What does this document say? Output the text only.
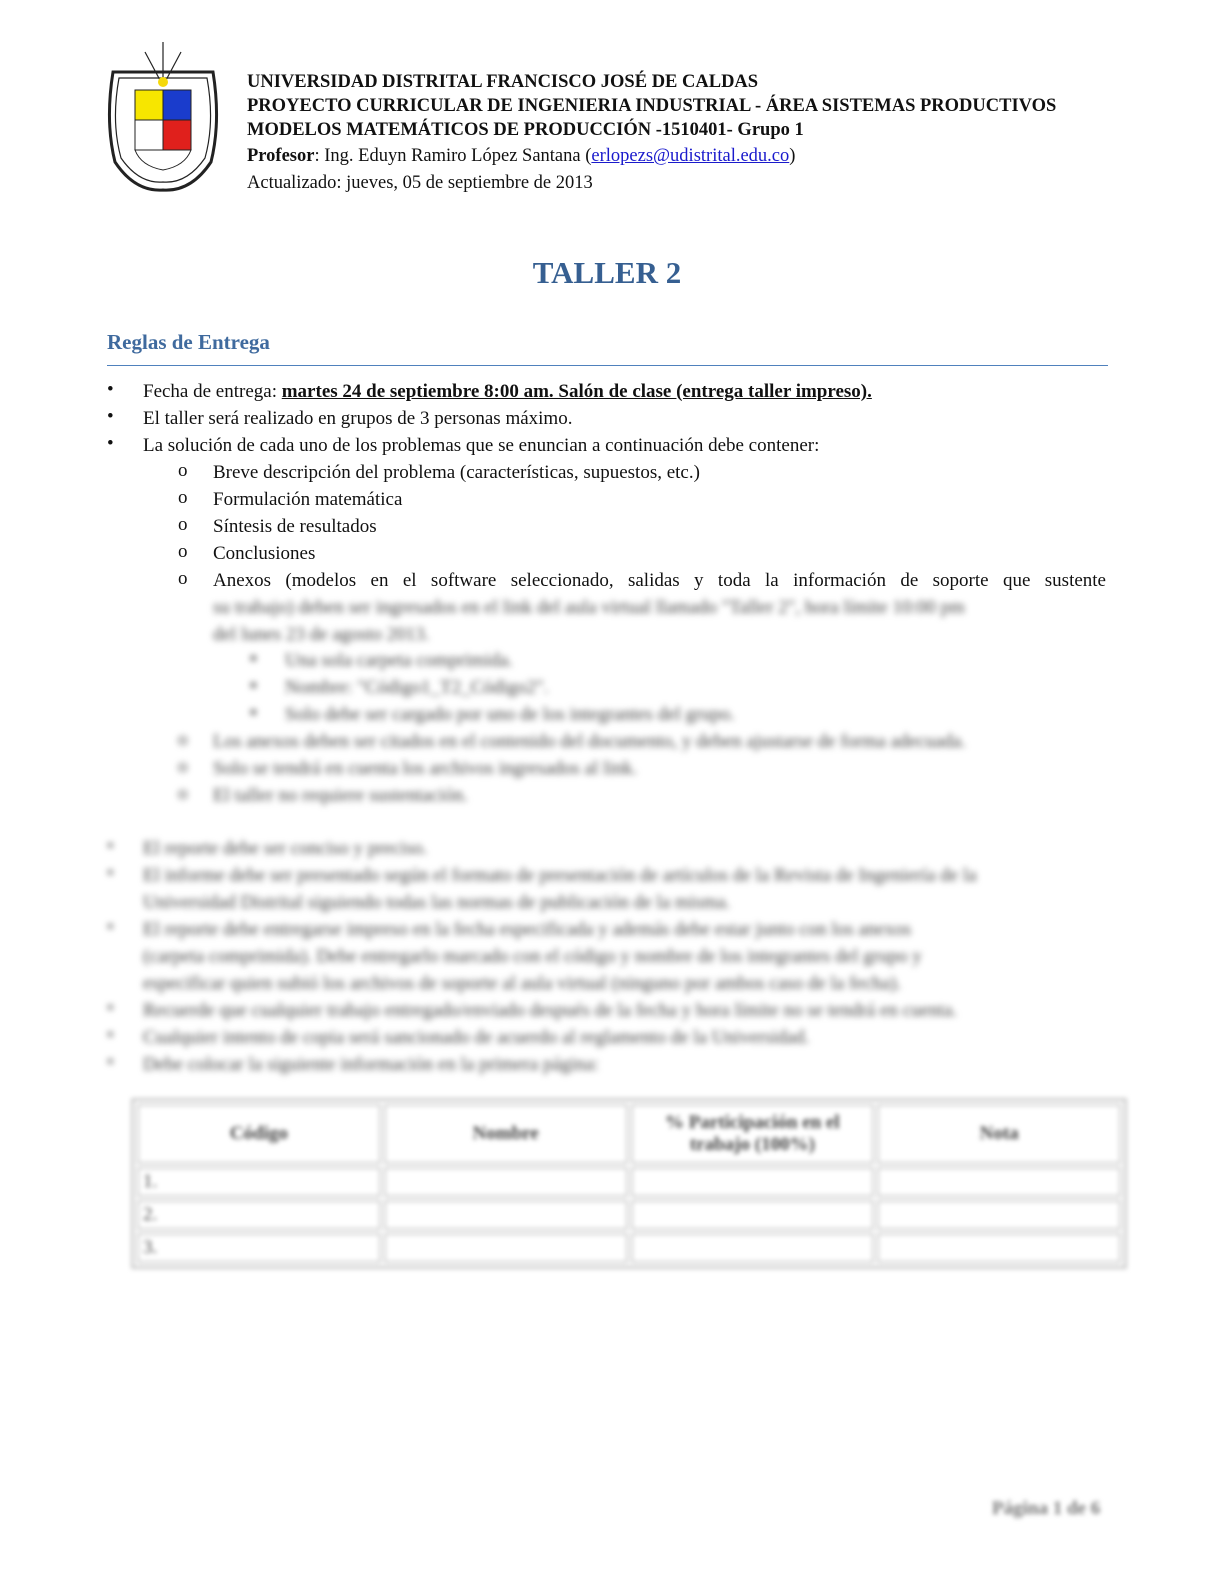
UNIVERSIDAD DISTRITAL FRANCISCO JOSÉ DE CALDAS
PROYECTO CURRICULAR DE INGENIERIA INDUSTRIAL - ÁREA SISTEMAS PRODUCTIVOS
MODELOS MATEMÁTICOS DE PRODUCCIÓN -1510401- Grupo 1
Profesor: Ing. Eduyn Ramiro López Santana (erlopezs@udistrital.edu.co)
Actualizado: jueves, 05 de septiembre de 2013
TALLER 2
Reglas de Entrega
• Fecha de entrega: martes 24 de septiembre 8:00 am. Salón de clase (entrega taller impreso).
• El taller será realizado en grupos de 3 personas máximo.
• La solución de cada uno de los problemas que se enuncian a continuación debe contener:
o Breve descripción del problema (características, supuestos, etc.)
o Formulación matemática
o Síntesis de resultados
o Conclusiones
o Anexos (modelos en el software seleccionado, salidas y toda la información de soporte que sustente
su trabajo) deben ser ingresados en el link del aula virtual llamado "Taller 2", hora límite 10:00 pm
del lunes 23 de agosto 2013.
▪ Una sola carpeta comprimida.
▪ Nombre: "Código1_T2_Código2".
▪ Solo debe ser cargado por uno de los integrantes del grupo.
o Los anexos deben ser citados en el contenido del documento, y deben ajustarse de forma adecuada.
o Solo se tendrá en cuenta los archivos ingresados al link.
o El taller no requiere sustentación.
• El reporte debe ser conciso y preciso.
• El informe debe ser presentado según el formato de presentación de artículos de la Revista de Ingeniería de la
Universidad Distrital siguiendo todas las normas de publicación de la misma.
• El reporte debe entregarse impreso en la fecha especificada y además debe estar junto con los anexos
(carpeta comprimida). Debe entregarlo marcado con el código y nombre de los integrantes del grupo y
especificar quien subió los archivos de soporte al aula virtual (ninguno por ambos caso de la fecha).
• Recuerde que cualquier trabajo entregado/enviado después de la fecha y hora límite no se tendrá en cuenta.
• Cualquier intento de copia será sancionado de acuerdo al reglamento de la Universidad.
• Debe colocar la siguiente información en la primera página:
Código	Nombre	% Participación en el trabajo (100%)	Nota
1.			
2.			
3.			
Página 1 de 6
